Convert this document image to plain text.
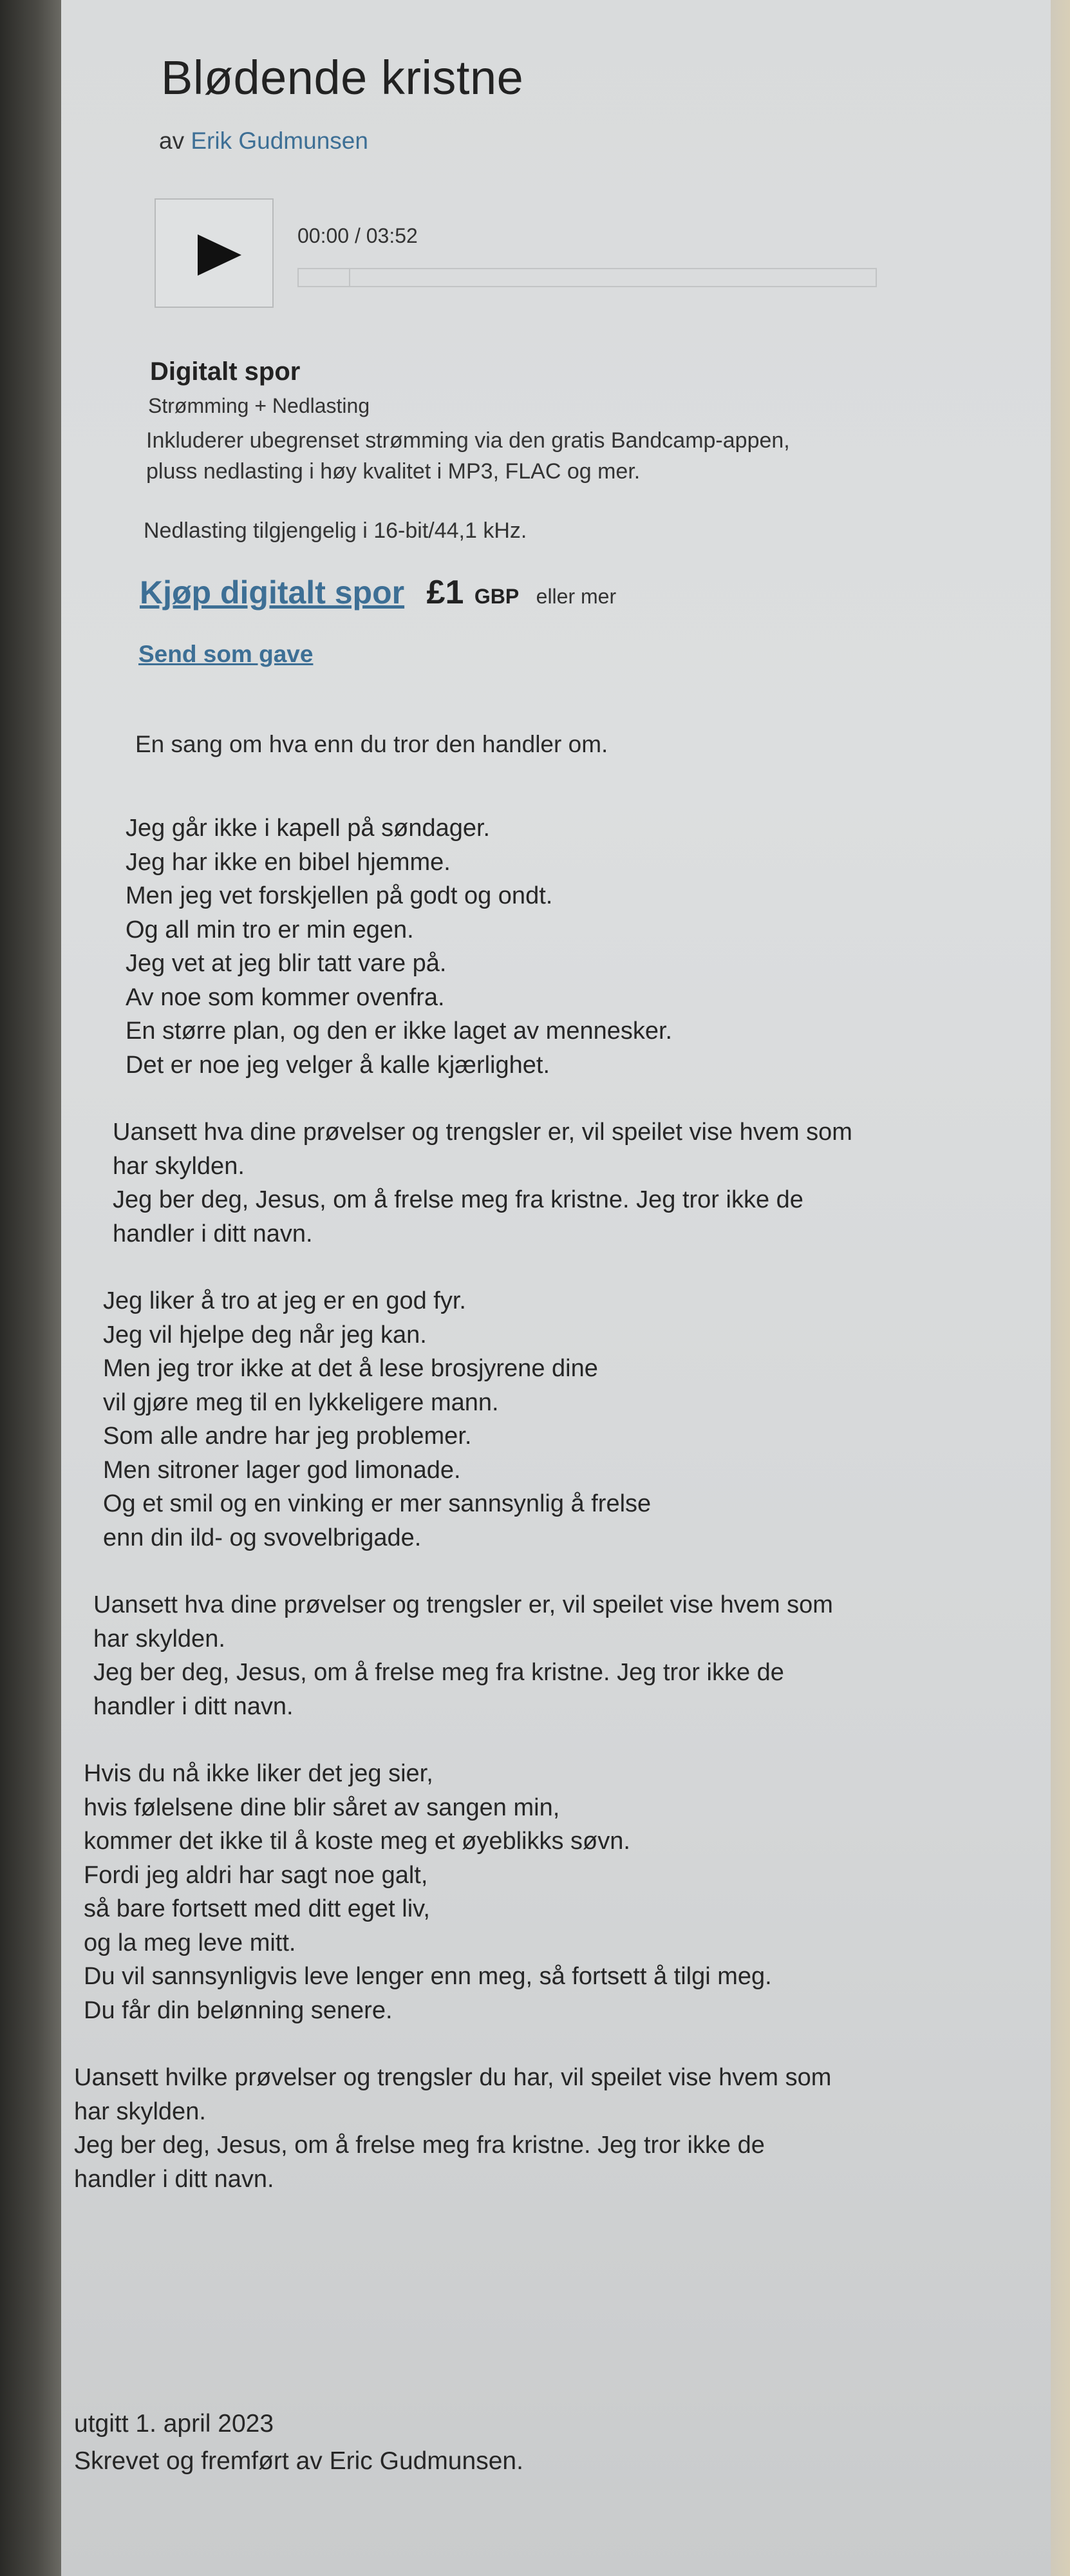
Blødende kristne
av Erik Gudmunsen
00:00 / 03:52
Digitalt spor
Strømming + Nedlasting
Inkluderer ubegrenset strømming via den gratis Bandcamp-appen,
pluss nedlasting i høy kvalitet i MP3, FLAC og mer.
Nedlasting tilgjengelig i 16-bit/44,1 kHz.
Kjøp digitalt spor £1 GBP eller mer
Send som gave
En sang om hva enn du tror den handler om.
Jeg går ikke i kapell på søndager.
Jeg har ikke en bibel hjemme.
Men jeg vet forskjellen på godt og ondt.
Og all min tro er min egen.
Jeg vet at jeg blir tatt vare på.
Av noe som kommer ovenfra.
En større plan, og den er ikke laget av mennesker.
Det er noe jeg velger å kalle kjærlighet.
Uansett hva dine prøvelser og trengsler er, vil speilet vise hvem som
har skylden.
Jeg ber deg, Jesus, om å frelse meg fra kristne. Jeg tror ikke de
handler i ditt navn.
Jeg liker å tro at jeg er en god fyr.
Jeg vil hjelpe deg når jeg kan.
Men jeg tror ikke at det å lese brosjyrene dine
vil gjøre meg til en lykkeligere mann.
Som alle andre har jeg problemer.
Men sitroner lager god limonade.
Og et smil og en vinking er mer sannsynlig å frelse
enn din ild- og svovelbrigade.
Uansett hva dine prøvelser og trengsler er, vil speilet vise hvem som
har skylden.
Jeg ber deg, Jesus, om å frelse meg fra kristne. Jeg tror ikke de
handler i ditt navn.
Hvis du nå ikke liker det jeg sier,
hvis følelsene dine blir såret av sangen min,
kommer det ikke til å koste meg et øyeblikks søvn.
Fordi jeg aldri har sagt noe galt,
så bare fortsett med ditt eget liv,
og la meg leve mitt.
Du vil sannsynligvis leve lenger enn meg, så fortsett å tilgi meg.
Du får din belønning senere.
Uansett hvilke prøvelser og trengsler du har, vil speilet vise hvem som
har skylden.
Jeg ber deg, Jesus, om å frelse meg fra kristne. Jeg tror ikke de
handler i ditt navn.
utgitt 1. april 2023
Skrevet og fremført av Eric Gudmunsen.
